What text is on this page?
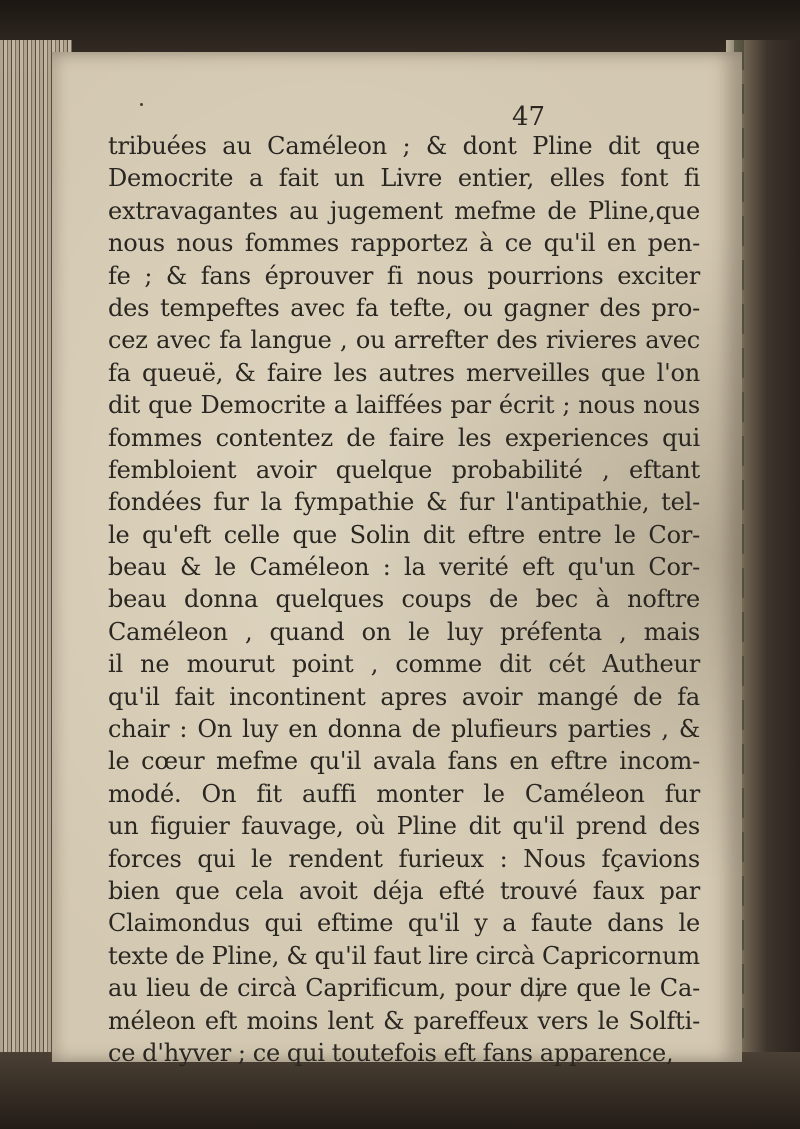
47
tribuées au Caméleon ; & dont Pline dit que
Democrite a fait un Livre entier, elles font fi
extravagantes au jugement mefme de Pline,que
nous nous fommes rapportez à ce qu'il en pen-
fe ; & fans éprouver fi nous pourrions exciter
des tempeftes avec fa tefte, ou gagner des pro-
cez avec fa langue , ou arrefter des rivieres avec
fa queuë, & faire les autres merveilles que l'on
dit que Democrite a laiffées par écrit ; nous nous
fommes contentez de faire les experiences qui
fembloient avoir quelque probabilité , eftant
fondées fur la fympathie & fur l'antipathie, tel-
le qu'eft celle que Solin dit eftre entre le Cor-
beau & le Caméleon : la verité eft qu'un Cor-
beau donna quelques coups de bec à noftre
Caméleon , quand on le luy préfenta , mais
il ne mourut point , comme dit cét Autheur
qu'il fait incontinent apres avoir mangé de fa
chair : On luy en donna de plufieurs parties , &
le cœur mefme qu'il avala fans en eftre incom-
modé. On fit auffi monter le Caméleon fur
un figuier fauvage, où Pline dit qu'il prend des
forces qui le rendent furieux : Nous fçavions
bien que cela avoit déja efté trouvé faux par
Claimondus qui eftime qu'il y a faute dans le
texte de Pline, & qu'il faut lire circà Capricornum
au lieu de circà Caprificum, pour dire que le Ca-
méleon eft moins lent & pareffeux vers le Solfti-
ce d'hyver ; ce qui toutefois eft fans apparence,
